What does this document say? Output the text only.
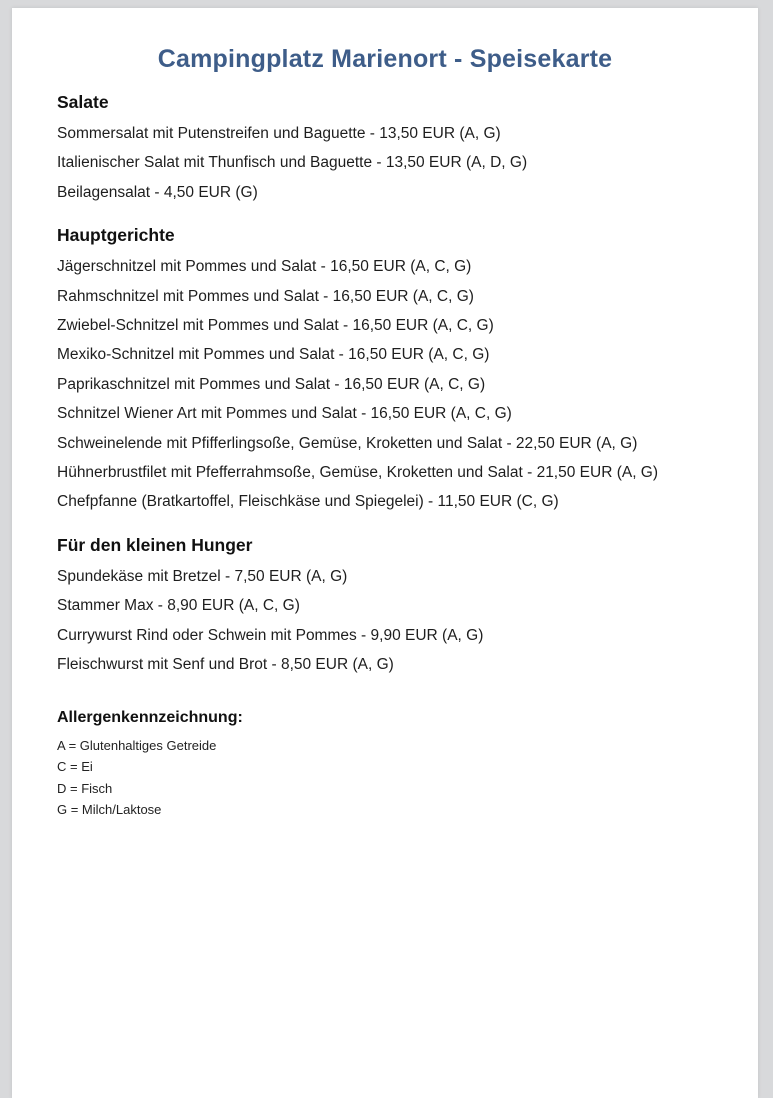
Campingplatz Marienort - Speisekarte
Salate
Sommersalat mit Putenstreifen und Baguette - 13,50 EUR (A, G)
Italienischer Salat mit Thunfisch und Baguette - 13,50 EUR (A, D, G)
Beilagensalat - 4,50 EUR (G)
Hauptgerichte
Jägerschnitzel mit Pommes und Salat - 16,50 EUR (A, C, G)
Rahmschnitzel mit Pommes und Salat - 16,50 EUR (A, C, G)
Zwiebel-Schnitzel mit Pommes und Salat - 16,50 EUR (A, C, G)
Mexiko-Schnitzel mit Pommes und Salat - 16,50 EUR (A, C, G)
Paprikaschnitzel mit Pommes und Salat - 16,50 EUR (A, C, G)
Schnitzel Wiener Art mit Pommes und Salat - 16,50 EUR (A, C, G)
Schweinelende mit Pfifferlingsoße, Gemüse, Kroketten und Salat - 22,50 EUR (A, G)
Hühnerbrustfilet mit Pfefferrahmsoße, Gemüse, Kroketten und Salat - 21,50 EUR (A, G)
Chefpfanne (Bratkartoffel, Fleischkäse und Spiegelei) - 11,50 EUR (C, G)
Für den kleinen Hunger
Spundekäse mit Bretzel - 7,50 EUR (A, G)
Stammer Max - 8,90 EUR (A, C, G)
Currywurst Rind oder Schwein mit Pommes - 9,90 EUR (A, G)
Fleischwurst mit Senf und Brot - 8,50 EUR (A, G)
Allergenkennzeichnung:
A = Glutenhaltiges Getreide
C = Ei
D = Fisch
G = Milch/Laktose
